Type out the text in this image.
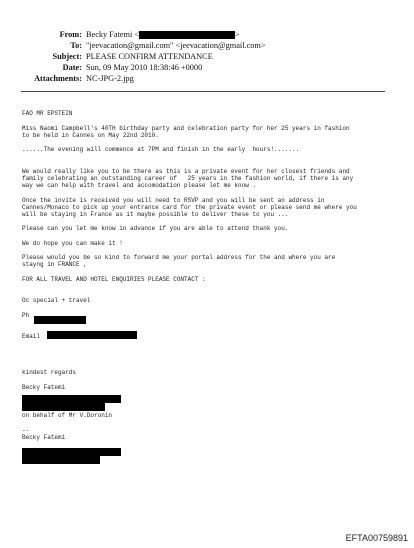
From: Becky Fatemi <	>
To: "jeevacation@gmail.com" <jeevacation@gmail.com>
Subject: PLEASE CONFIRM ATTENDANCE
Date: Sun, 09 May 2010 18:38:46 +0000
Attachments: NC-JPG-2.jpg

FAO MR EPSTEIN
Miss Naomi Campbell's 40TH birthday party and celebration party for her 25 years in fashion
to be held in Cannes on May 22nd 2010.
......The evening will commence at 7PM and finish in the early  hours!.......
We would really like you to be there as this is a private event for her closest friends and
family celebrating an outstanding career of   25 years in the fashion world, if there is any
way we can help with travel and accomodation please let me know .
Once the invite is received you will need to RSVP and you will be sent an address in
Cannes/Monaco to pick up your entrance card for the private event or please send me where you
will be staying in France as it maybe possible to deliver these to you ...
Please can you let me know in advance if you are able to attend thank you.
We do hope you can make it !
Please would you be so kind to forward me your portal address for the and where you are
stayng in FRANCE ,
FOR ALL TRAVEL AND HOTEL ENQUIRIES PLEASE CONTACT :
Oc special + travel
Ph
Email
kindest regards
Becky Fatemi
on behalf of Mr V.Doronin
--
Becky Fatemi

EFTA00759891
